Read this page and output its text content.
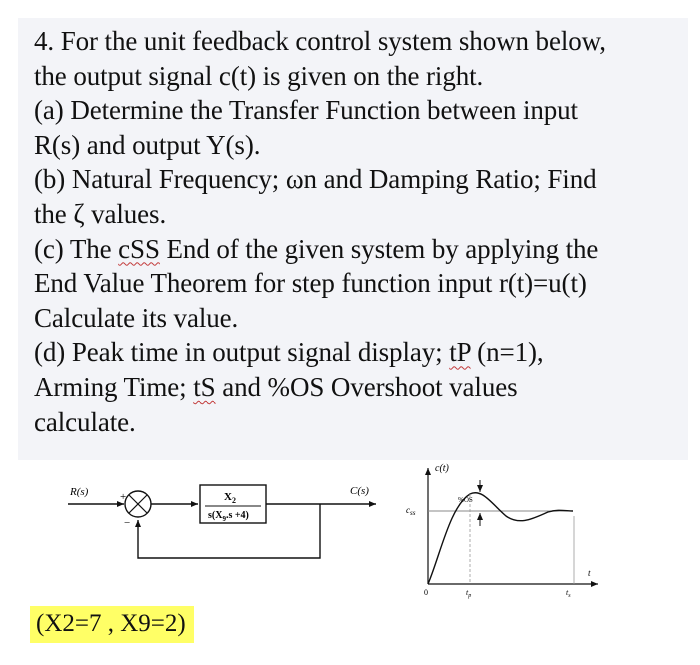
4. For the unit feedback control system shown below,
the output signal c(t) is given on the right.
(a) Determine the Transfer Function between input
R(s) and output Y(s).
(b) Natural Frequency; ωn and Damping Ratio; Find
the ζ values.
(c) The cSS End of the given system by applying the
End Value Theorem for step function input r(t)=u(t)
Calculate its value.
(d) Peak time in output signal display; tP (n=1),
Arming Time; tS and %OS Overshoot values
calculate.
R(s)	+
−
$X_2$
$s(X_9.s +4)$
C(s)
c(t)
$c_{ss}$
%OS
0	$t_p$	$t_s$
t
(X2=7 , X9=2)
